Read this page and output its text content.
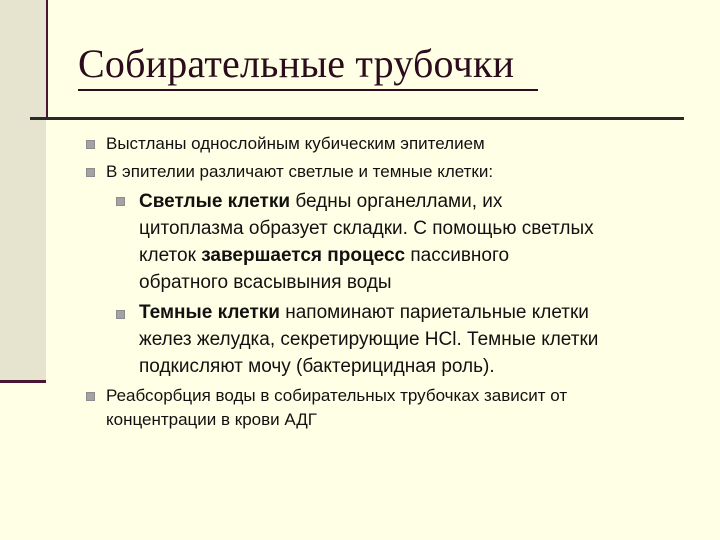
Собирательные трубочки
Выстланы однослойным кубическим эпителием
В эпителии различают светлые и темные клетки:
Светлые клетки бедны органеллами, их
цитоплазма образует складки. С помощью светлых
клеток завершается процесс пассивного
обратного всасывыния воды
Темные клетки напоминают париетальные клетки
желез желудка, секретирующие HCl. Темные клетки
подкисляют мочу (бактерицидная роль).
Реабсорбция воды в собирательных трубочках зависит от
концентрации в крови АДГ
